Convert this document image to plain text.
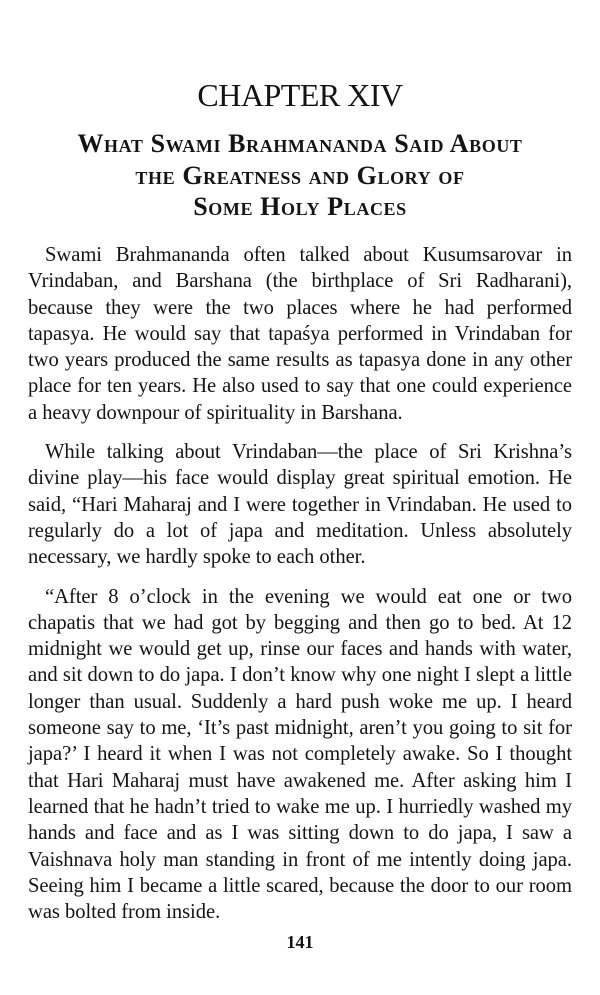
CHAPTER XIV
What Swami Brahmananda Said About
the Greatness and Glory of
Some Holy Places

Swami Brahmananda often talked about Kusumsarovar in Vrindaban, and Barshana (the birthplace of Sri Radharani), because they were the two places where he had performed tapasya. He would say that tapaśya performed in Vrindaban for two years produced the same results as tapasya done in any other place for ten years. He also used to say that one could experience a heavy downpour of spirituality in Barshana.

While talking about Vrindaban—the place of Sri Krishna’s divine play—his face would display great spiritual emotion. He said, “Hari Maharaj and I were together in Vrindaban. He used to regularly do a lot of japa and meditation. Unless absolutely necessary, we hardly spoke to each other.

“After 8 o’clock in the evening we would eat one or two chapatis that we had got by begging and then go to bed. At 12 midnight we would get up, rinse our faces and hands with water, and sit down to do japa. I don’t know why one night I slept a little longer than usual. Suddenly a hard push woke me up. I heard someone say to me, ‘It’s past midnight, aren’t you going to sit for japa?’ I heard it when I was not completely awake. So I thought that Hari Maharaj must have awakened me. After asking him I learned that he hadn’t tried to wake me up. I hurriedly washed my hands and face and as I was sitting down to do japa, I saw a Vaishnava holy man standing in front of me intently doing japa. Seeing him I became a little scared, because the door to our room was bolted from inside.

141
